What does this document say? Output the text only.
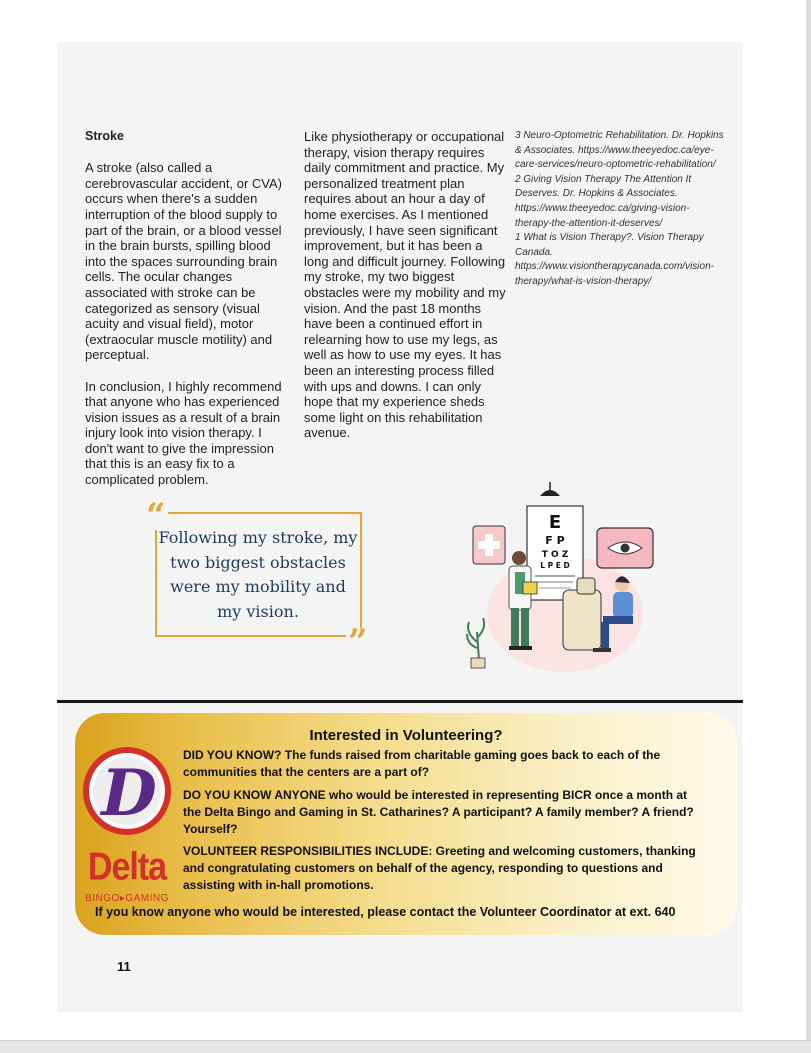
Stroke

A stroke (also called a cerebrovascular accident, or CVA) occurs when there's a sudden interruption of the blood supply to part of the brain, or a blood vessel in the brain bursts, spilling blood into the spaces surrounding brain cells. The ocular changes associated with stroke can be categorized as sensory (visual acuity and visual field), motor (extraocular muscle motility) and perceptual.

In conclusion, I highly recommend that anyone who has experienced vision issues as a result of a brain injury look into vision therapy. I don't want to give the impression that this is an easy fix to a complicated problem.

Like physiotherapy or occupational therapy, vision therapy requires daily commitment and practice. My personalized treatment plan requires about an hour a day of home exercises. As I mentioned previously, I have seen significant improvement, but it has been a long and difficult journey. Following my stroke, my two biggest obstacles were my mobility and my vision. And the past 18 months have been a continued effort in relearning how to use my legs, as well as how to use my eyes. It has been an interesting process filled with ups and downs. I can only hope that my experience sheds some light on this rehabilitation avenue.

3 Neuro-Optometric Rehabilitation. Dr. Hopkins & Associates. https://www.theeyedoc.ca/eye-care-services/neuro-optometric-rehabilitation/

2 Giving Vision Therapy The Attention It Deserves. Dr. Hopkins & Associates. https://www.theeyedoc.ca/giving-vision-therapy-the-attention-it-deserves/

1 What is Vision Therapy?. Vision Therapy Canada. https://www.visiontherapycanada.com/vision-therapy/what-is-vision-therapy/

“
Following my stroke, my two biggest obstacles were my mobility and my vision.
”
E
F P
T O Z
L P E D
Interested in Volunteering?
D
Delta
BINGO▸GAMING
DID YOU KNOW? The funds raised from charitable gaming goes back to each of the communities that the centers are a part of?
DO YOU KNOW ANYONE who would be interested in representing BICR once a month at the Delta Bingo and Gaming in St. Catharines? A participant? A family member? A friend? Yourself?
VOLUNTEER RESPONSIBILITIES INCLUDE: Greeting and welcoming customers, thanking and congratulating customers on behalf of the agency, responding to questions and assisting with in-hall promotions.
If you know anyone who would be interested, please contact the Volunteer Coordinator at ext. 640
11
